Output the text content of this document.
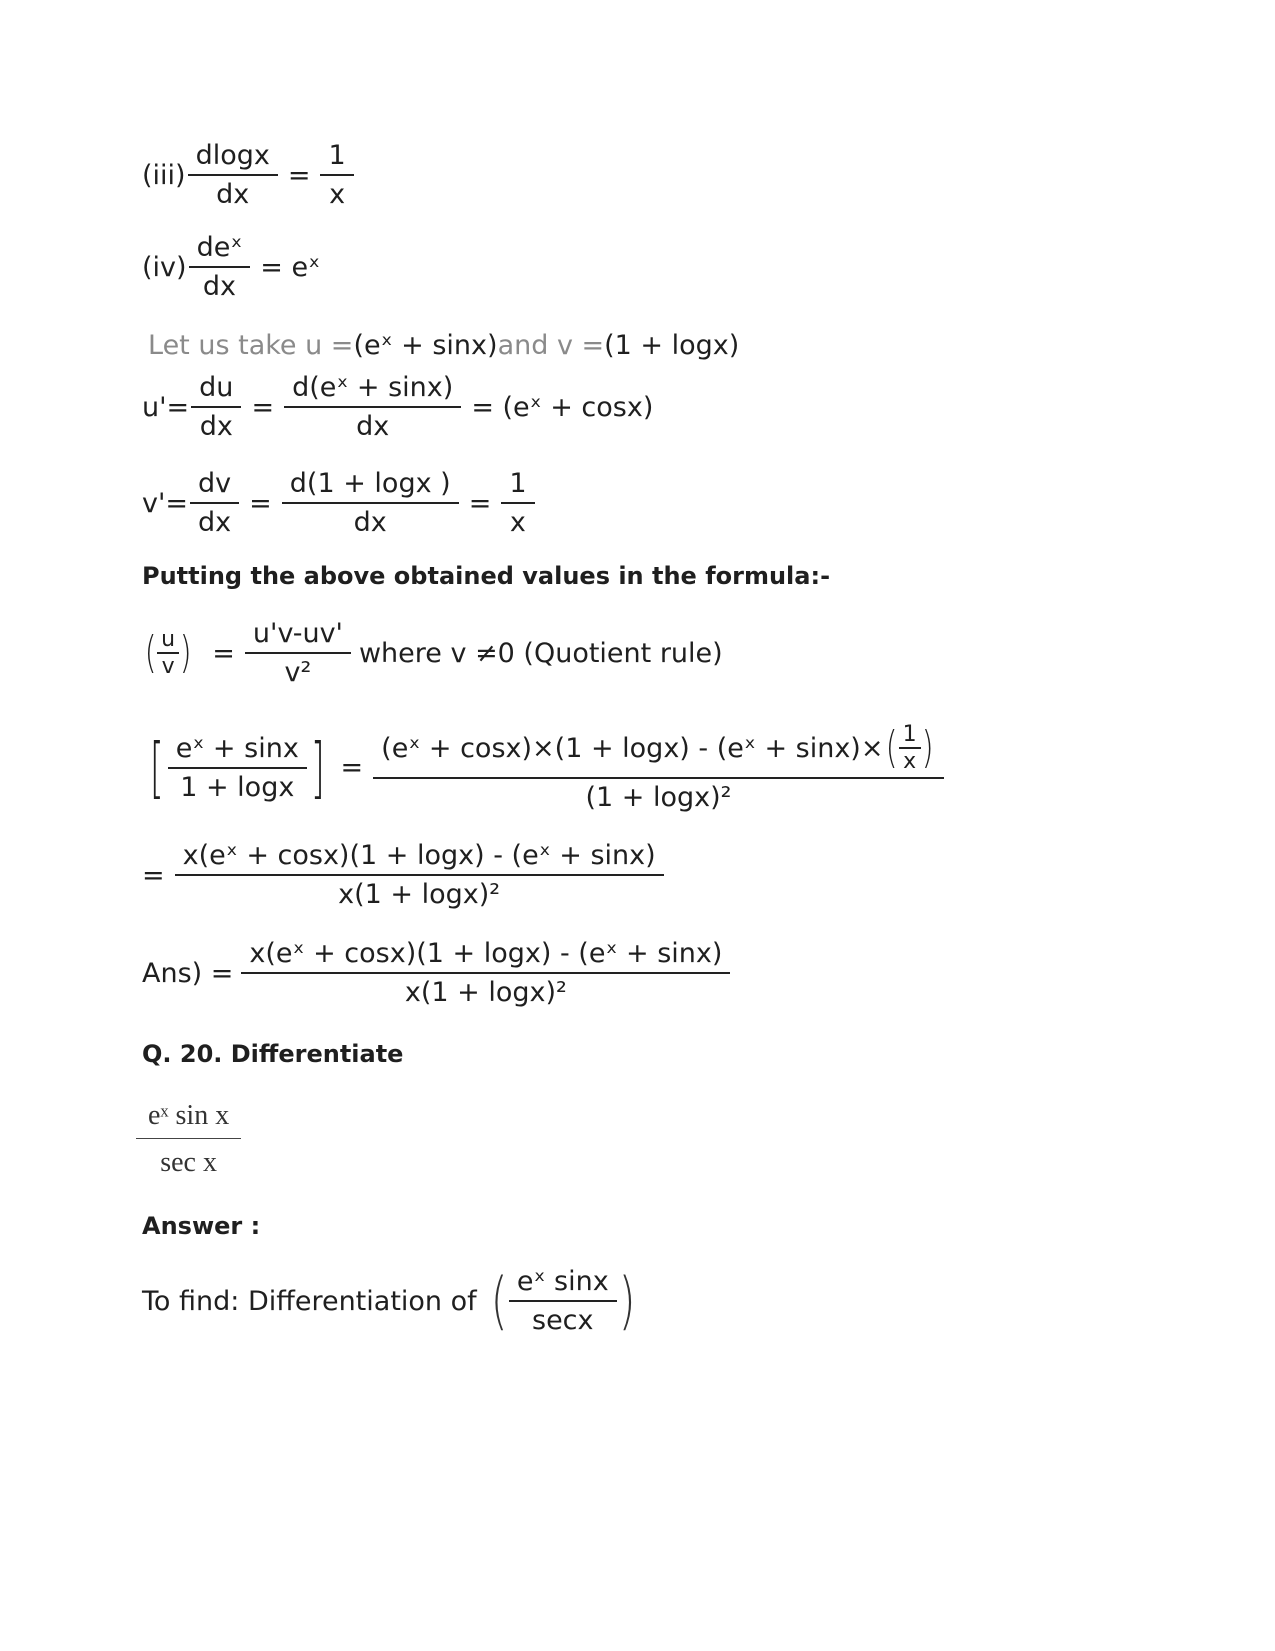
$(iii) \frac{dlogx}{dx} = \frac{1}{x}$
$(iv) \frac{\text{deˣ}}{dx}$ = eˣ
Let us take u = (eˣ + sinx) and v = (1 + logx)
$u'= \frac{du}{dx} = \frac{\text{d(eˣ + sinx)}}{dx}$ = (eˣ + cosx)
$v'= \frac{dv}{dx} = \frac{d(1 + \log x )}{dx} = \frac{1}{x}$
Putting the above obtained values in the formula:-
( $\frac{u}{v}$ ) = $\frac{u'v-uv'}{\text{v²}}$ where v ≠0 (Quotient rule)
[ $\frac{\text{eˣ + sinx}}{1 + \log x}$ ] =
(eˣ + cosx)×(1 + logx) - (eˣ + sinx)× ( $\frac{1}{x}$ )
(1 + logx)²
= $\frac{\text{x(eˣ + cosx)(1 + logx) - (eˣ + sinx)}}{\text{x(1 + logx)²}}$
$Ans) = \frac{\text{x(eˣ + cosx)(1 + logx) - (eˣ + sinx)}}{\text{x(1 + logx)²}}$
Q. 20. Differentiate
$\frac{\text{eˣ sin x}}{\text{sec x}}$
Answer :
To find: Differentiation of ( $\frac{\text{eˣ sinx}}{\sec x}$ )
